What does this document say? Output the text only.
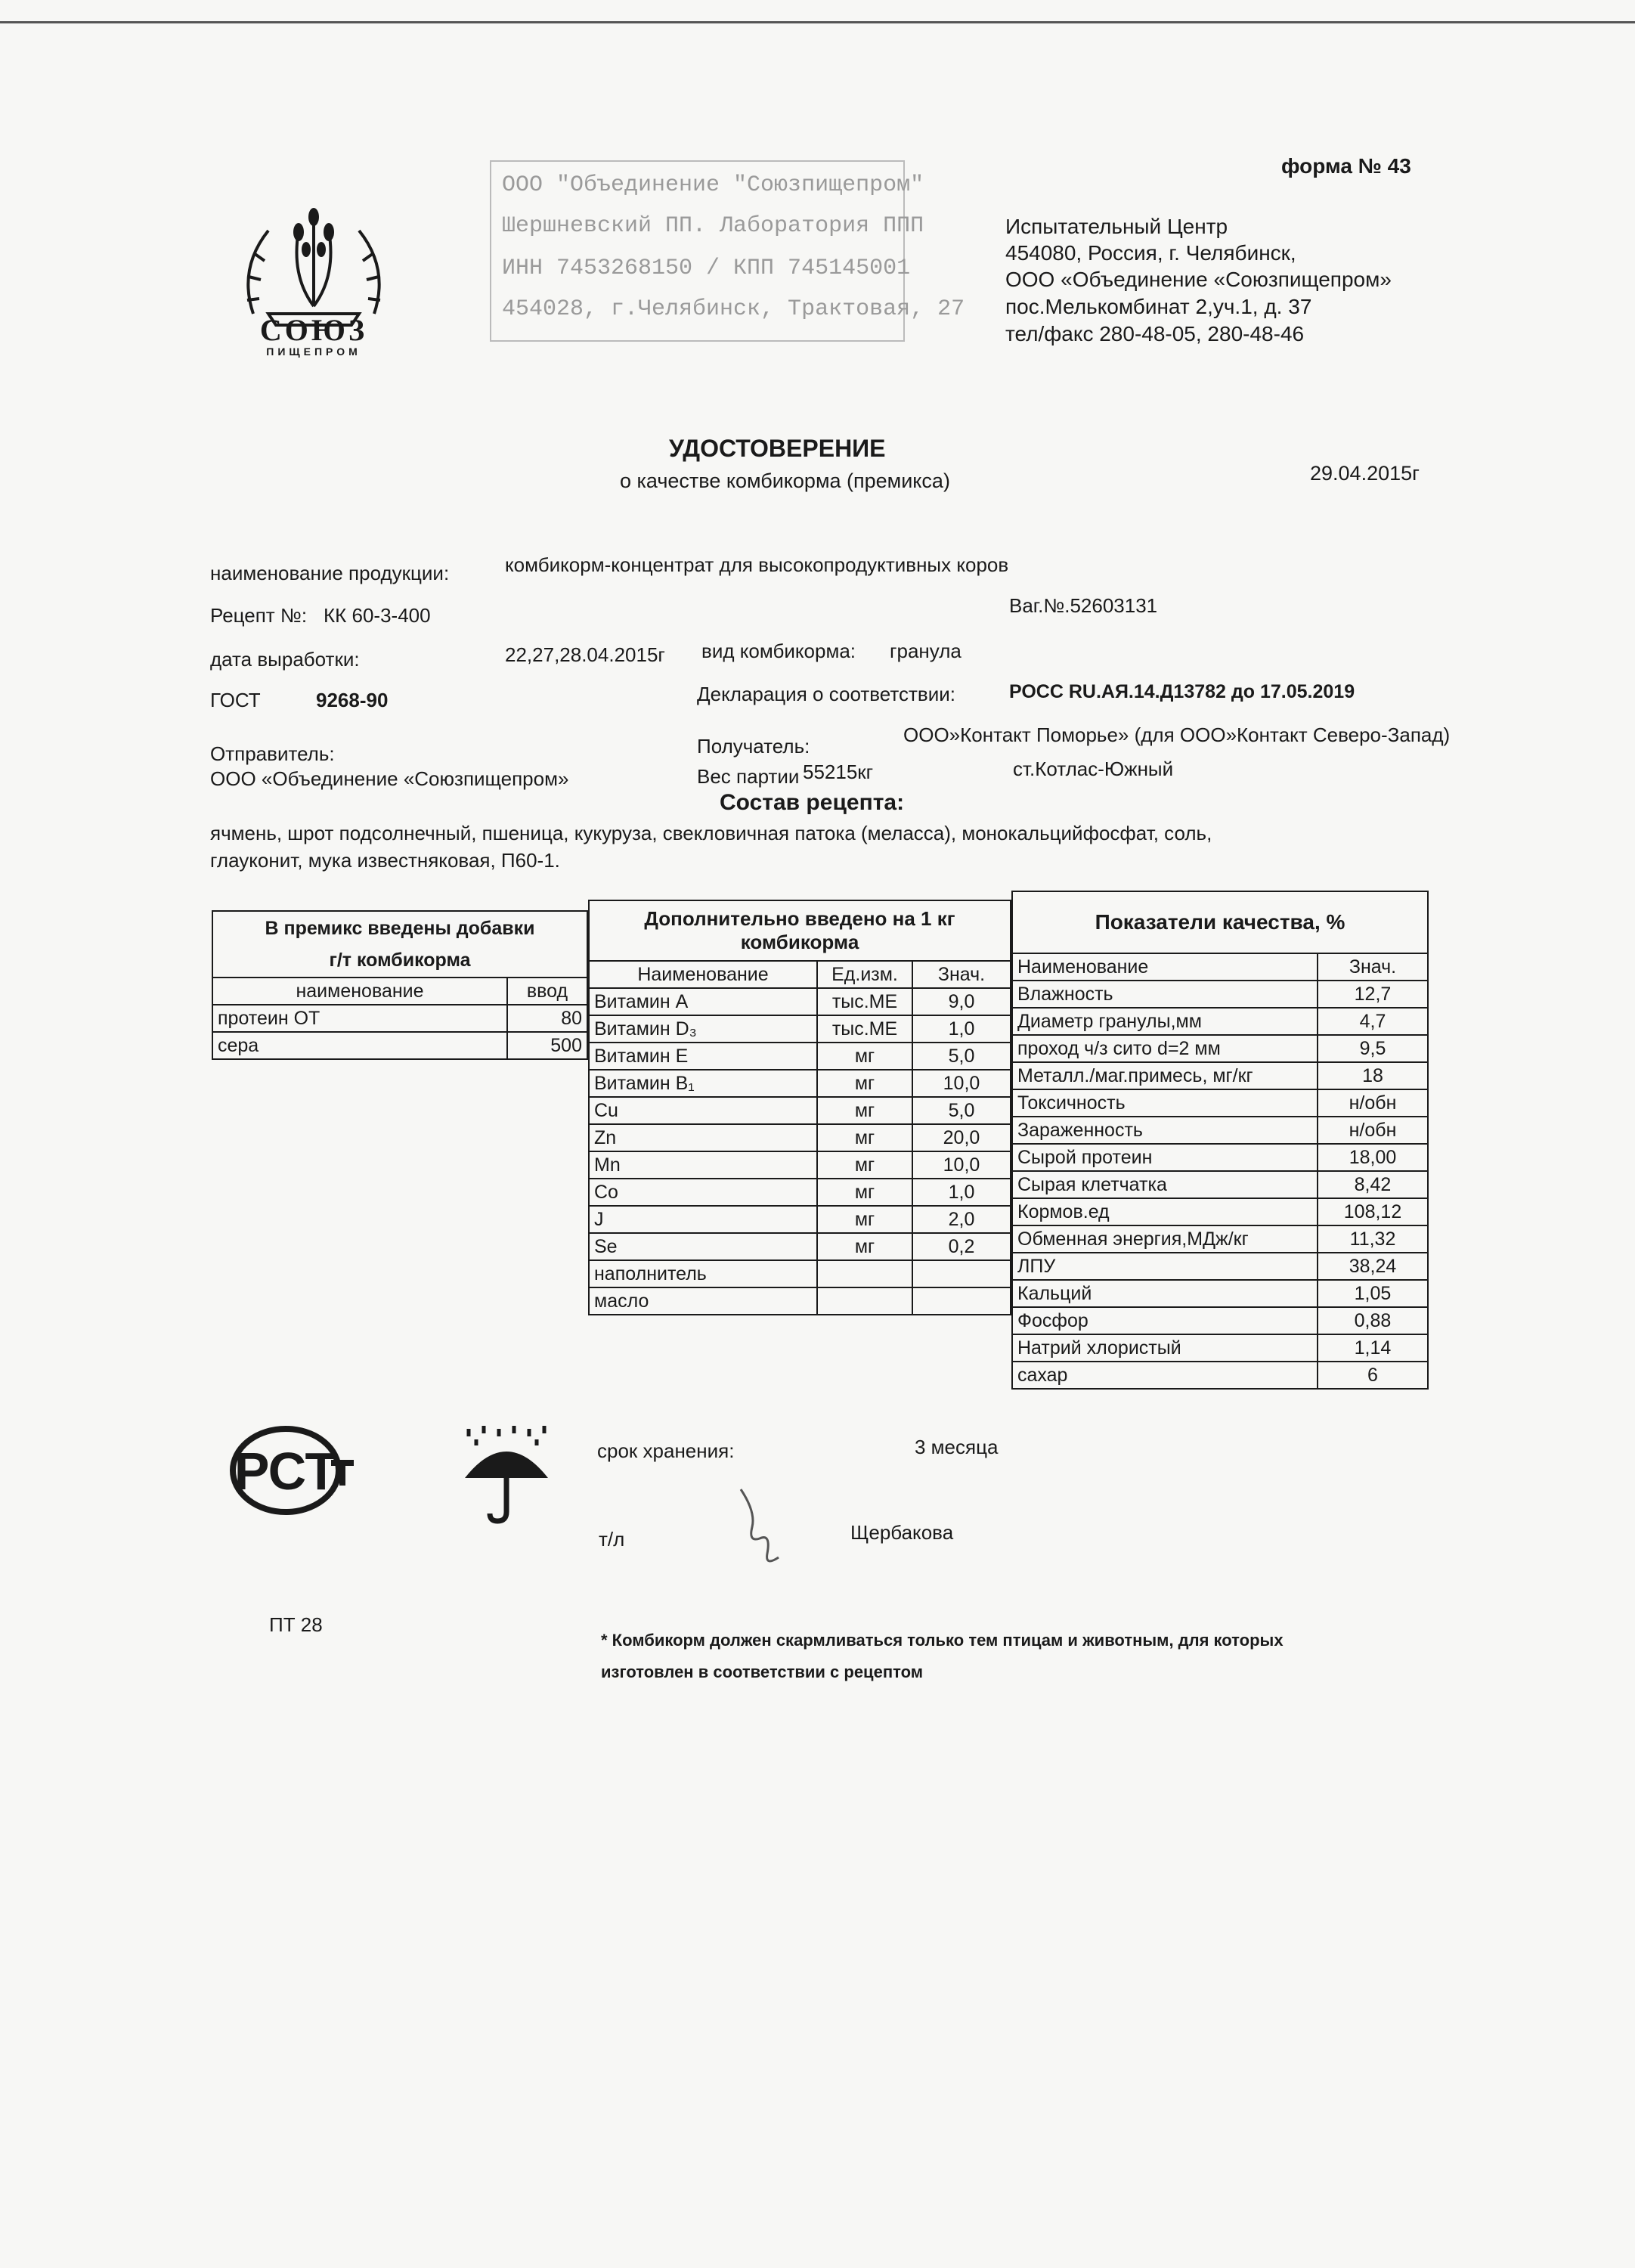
СОЮЗ
ПИЩЕПРОМ
ООО "Объединение "Союзпищепром"
Шершневский ПП. Лаборатория ППП
ИНН 7453268150 / КПП 745145001
454028, г.Челябинск, Трактовая, 27
форма № 43
Испытательный Центр
454080, Россия, г. Челябинск,
ООО «Объединение «Союзпищепром»
пос.Мелькомбинат 2,уч.1, д. 37
тел/факс 280-48-05, 280-48-46
УДОСТОВЕРЕНИЕ
о качестве комбикорма (премикса)	29.04.2015г
наименование продукции:	комбикорм-концентрат для высокопродуктивных коров
Рецепт №: КК 60-3-400	Ваг.№.52603131
дата выработки:	22,27,28.04.2015г вид комбикорма: гранула
ГОСТ	9268-90	Декларация о соответствии:	РОСС RU.АЯ.14.Д13782 до 17.05.2019
Отправитель:
ООО «Объединение «Союзпищепром»
Получатель:	ООО»Контакт Поморье» (для ООО»Контакт Северо-Запад)
Вес партии 55215кг	ст.Котлас-Южный
Состав рецепта:
ячмень, шрот подсолнечный, пшеница, кукуруза, свекловичная патока (меласса), монокальцийфосфат, соль,
глауконит, мука известняковая, П60-1.
В премикс введены добавки
г/т комбикорма	

наименование	ввод
протеин ОТ	80
сера	500
Дополнительно введено на 1 кг комбикорма		
Наименование	Ед.изм.	Знач.
Витамин А	тыс.МЕ	9,0
Витамин D₃	тыс.МЕ	1,0
Витамин Е	мг	5,0
Витамин В₁	мг	10,0
Cu	мг	5,0
Zn	мг	20,0
Mn	мг	10,0
Co	мг	1,0
J	мг	2,0
Se	мг	0,2
наполнитель		
масло		
Показатели качества, %	
Наименование	Знач.
Влажность	12,7
Диаметр гранулы,мм	4,7
проход ч/з сито d=2 мм	9,5
Металл./маг.примесь, мг/кг	18
Токсичность	н/обн
Зараженность	н/обн
Сырой протеин	18,00
Сырая клетчатка	8,42
Кормов.ед	108,12
Обменная энергия,МДж/кг	11,32
ЛПУ	38,24
Кальций	1,05
Фосфор	0,88
Натрий хлористый	1,14
сахар	6
РСТ	срок хранения:	3 месяца
т/л	Щербакова
ПТ 28
* Комбикорм должен скармливаться только тем птицам и животным, для которых
изготовлен в соответствии с рецептом
